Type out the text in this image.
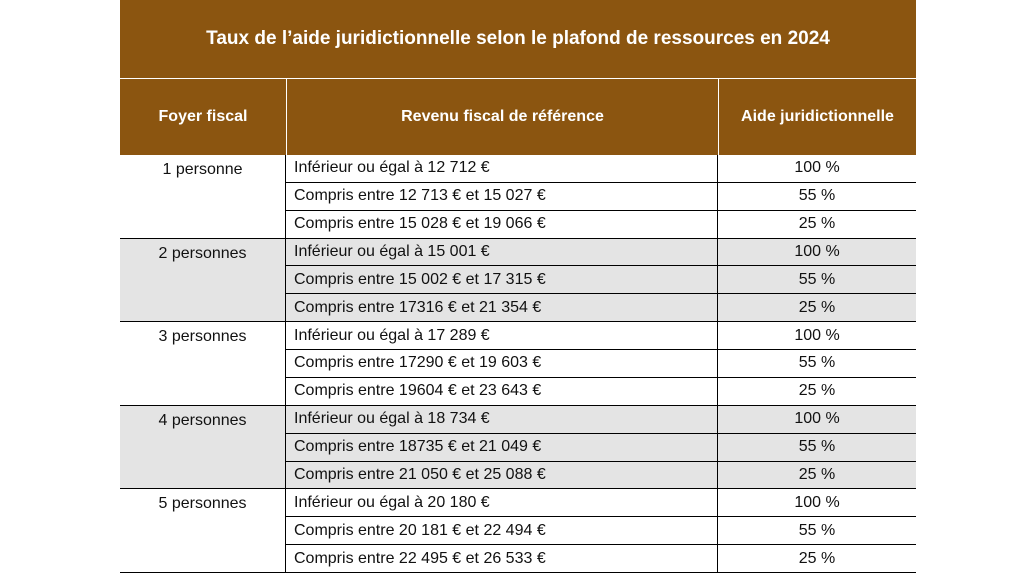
Taux de l’aide juridictionnelle selon le plafond de ressources en 2024
Foyer fiscal	Revenu fiscal de référence	Aide juridictionnelle
1 personne	Inférieur ou égal à 12 712 €	100 %
Compris entre 12 713 € et 15 027 €	55 %
Compris entre 15 028 € et 19 066 €	25 %
2 personnes	Inférieur ou égal à 15 001 €	100 %
Compris entre 15 002 € et 17 315 €	55 %
Compris entre 17316 € et 21 354 €	25 %
3 personnes	Inférieur ou égal à 17 289 €	100 %
Compris entre 17290 € et 19 603 €	55 %
Compris entre 19604 € et 23 643 €	25 %
4 personnes	Inférieur ou égal à 18 734 €	100 %
Compris entre 18735 € et 21 049 €	55 %
Compris entre 21 050 € et 25 088 €	25 %
5 personnes	Inférieur ou égal à 20 180 €	100 %
Compris entre 20 181 € et 22 494 €	55 %
Compris entre 22 495 € et 26 533 €	25 %
